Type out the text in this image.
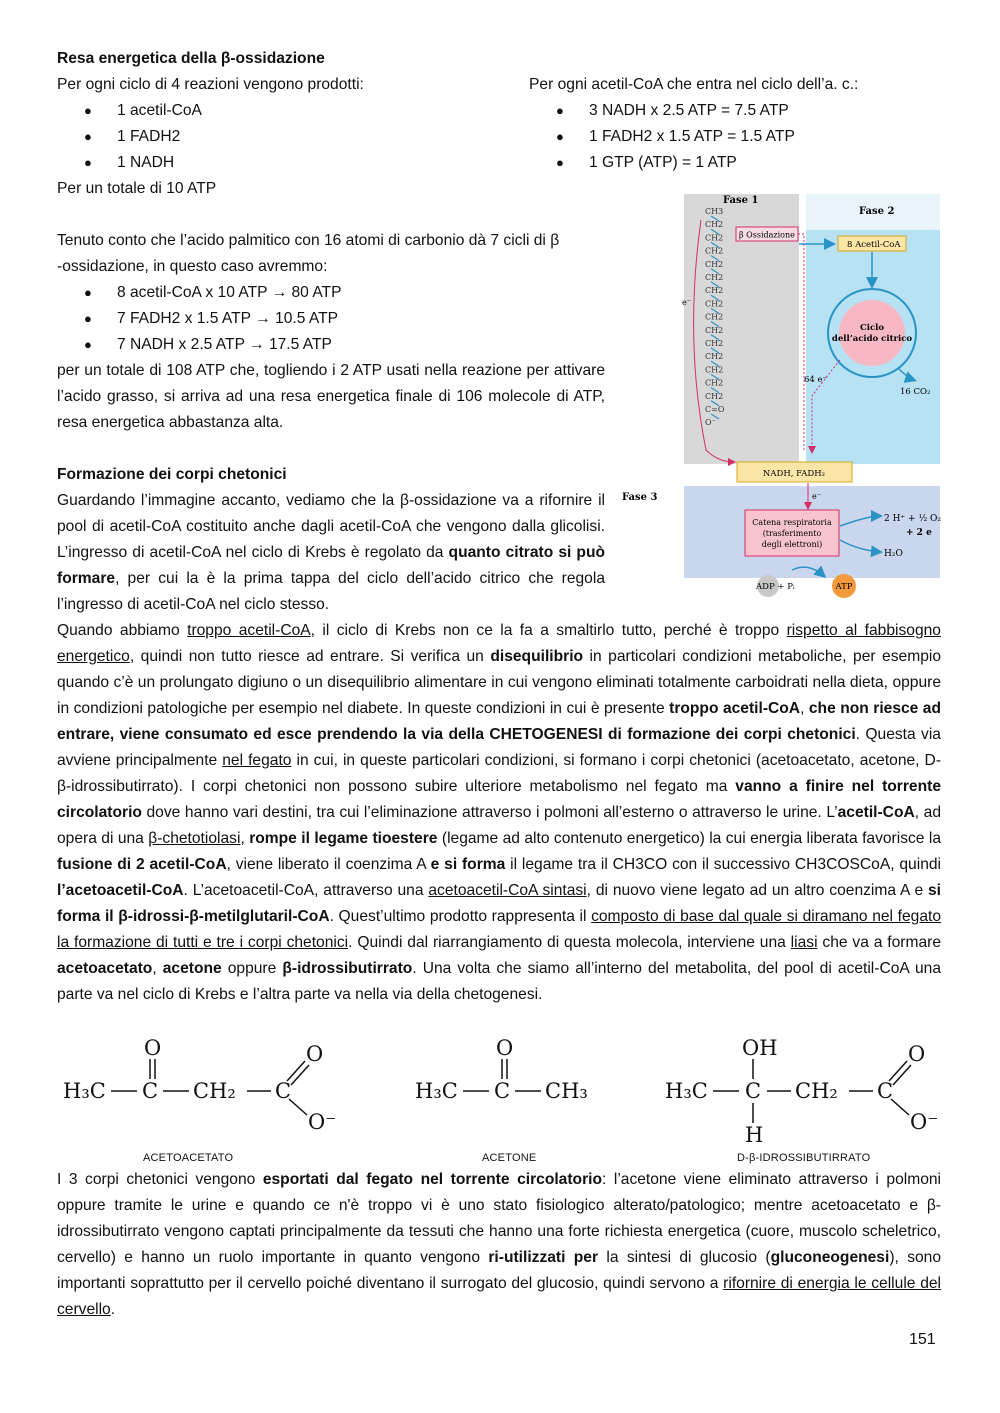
Resa energetica della β-ossidazione
Per ogni ciclo di 4 reazioni vengono prodotti:
● 1 acetil-CoA
● 1 FADH2
● 1 NADH
Per un totale di 10 ATP
Per ogni acetil-CoA che entra nel ciclo dell’a. c.:
● 3 NADH x 2.5 ATP = 7.5 ATP
● 1 FADH2 x 1.5 ATP = 1.5 ATP
● 1 GTP (ATP) = 1 ATP
Tenuto conto che l’acido palmitico con 16 atomi di carbonio dà 7 cicli di β
-ossidazione, in questo caso avremmo:
● 8 acetil-CoA x 10 ATP → 80 ATP
● 7 FADH2 x 1.5 ATP → 10.5 ATP
● 7 NADH x 2.5 ATP → 17.5 ATP
per un totale di 108 ATP che, togliendo i 2 ATP usati nella reazione per attivare l’acido grasso, si arriva ad una resa energetica finale di 106 molecole di ATP, resa energetica abbastanza alta.
Formazione dei corpi chetonici
Guardando l’immagine accanto, vediamo che la β-ossidazione va a rifornire il pool di acetil-CoA costituito anche dagli acetil-CoA che vengono dalla glicolisi. L’ingresso di acetil-CoA nel ciclo di Krebs è regolato da quanto citrato si può formare, per cui la è la prima tappa del ciclo dell’acido citrico che regola l’ingresso di acetil-CoA nel ciclo stesso.
Quando abbiamo troppo acetil-CoA, il ciclo di Krebs non ce la fa a smaltirlo tutto, perché è troppo rispetto al fabbisogno energetico, quindi non tutto riesce ad entrare. Si verifica un disequilibrio in particolari condizioni metaboliche, per esempio quando c’è un prolungato digiuno o un disequilibrio alimentare in cui vengono eliminati totalmente carboidrati nella dieta, oppure in condizioni patologiche per esempio nel diabete. In queste condizioni in cui è presente troppo acetil-CoA, che non riesce ad entrare, viene consumato ed esce prendendo la via della CHETOGENESI di formazione dei corpi chetonici. Questa via avviene principalmente nel fegato in cui, in queste particolari condizioni, si formano i corpi chetonici (acetoacetato, acetone, D-β-idrossibutirrato). I corpi chetonici non possono subire ulteriore metabolismo nel fegato ma vanno a finire nel torrente circolatorio dove hanno vari destini, tra cui l’eliminazione attraverso i polmoni all’esterno o attraverso le urine. L’acetil-CoA, ad opera di una β-chetotiolasi, rompe il legame tioestere (legame ad alto contenuto energetico) la cui energia liberata favorisce la fusione di 2 acetil-CoA, viene liberato il coenzima A e si forma il legame tra il CH3CO con il successivo CH3COSCoA, quindi l’acetoacetil-CoA. L’acetoacetil-CoA, attraverso una acetoacetil-CoA sintasi, di nuovo viene legato ad un altro coenzima A e si forma il β-idrossi-β-metilglutaril-CoA. Quest’ultimo prodotto rappresenta il composto di base dal quale si diramano nel fegato la formazione di tutti e tre i corpi chetonici. Quindi dal riarrangiamento di questa molecola, interviene una liasi che va a formare acetoacetato, acetone oppure β-idrossibutirrato. Una volta che siamo all’interno del metabolita, del pool di acetil-CoA una parte va nel ciclo di Krebs e l’altra parte va nella via della chetogenesi.
Fase 1
Fase 2
Fase 3
CH3
CH2
CH2
CH2
CH2
CH2
CH2
CH2
CH2
CH2
CH2
CH2
CH2
CH2
CH2
C=O
O⁻
e⁻
β Ossidazione
8 Acetil-CoA
Ciclo
dell’acido citrico
16 CO₂
64 e⁻
NADH, FADH₂
e⁻
Catena respiratoria
(trasferimento
degli elettroni)
2 H⁺ + ½ O₂
+ 2 e
H₂O
ADP + Pᵢ	ATP
H₃C C
O
CH₂ C
O
O⁻
H₃C C
O
CH₃	H₃C C
OH
H
CH₂ C
O
O⁻
ACETOACETATO	ACETONE	D-β-IDROSSIBUTIRRATO
I 3 corpi chetonici vengono esportati dal fegato nel torrente circolatorio: l’acetone viene eliminato attraverso i polmoni oppure tramite le urine e quando ce n'è troppo vi è uno stato fisiologico alterato/patologico; mentre acetoacetato e β-idrossibutirrato vengono captati principalmente da tessuti che hanno una forte richiesta energetica (cuore, muscolo scheletrico, cervello) e hanno un ruolo importante in quanto vengono ri-utilizzati per la sintesi di glucosio (gluconeogenesi), sono importanti soprattutto per il cervello poiché diventano il surrogato del glucosio, quindi servono a rifornire di energia le cellule del cervello.
151
